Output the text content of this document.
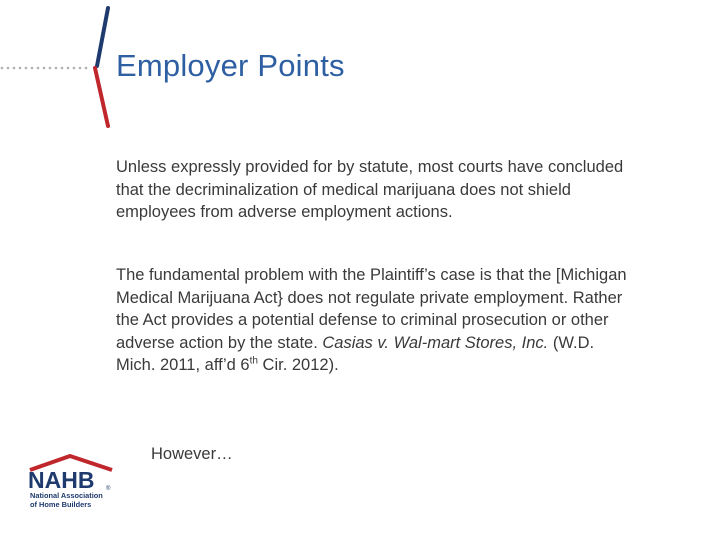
Employer Points
Unless expressly provided for by statute, most courts have concluded that the decriminalization of medical marijuana does not shield employees from adverse employment actions.
The fundamental problem with the Plaintiff’s case is that the [Michigan Medical Marijuana Act} does not regulate private employment. Rather the Act provides a potential defense to criminal prosecution or other adverse action by the state. Casias v. Wal-mart Stores, Inc. (W.D. Mich. 2011, aff’d 6th Cir. 2012).
However…
NAHB ®
National Association
of Home Builders
